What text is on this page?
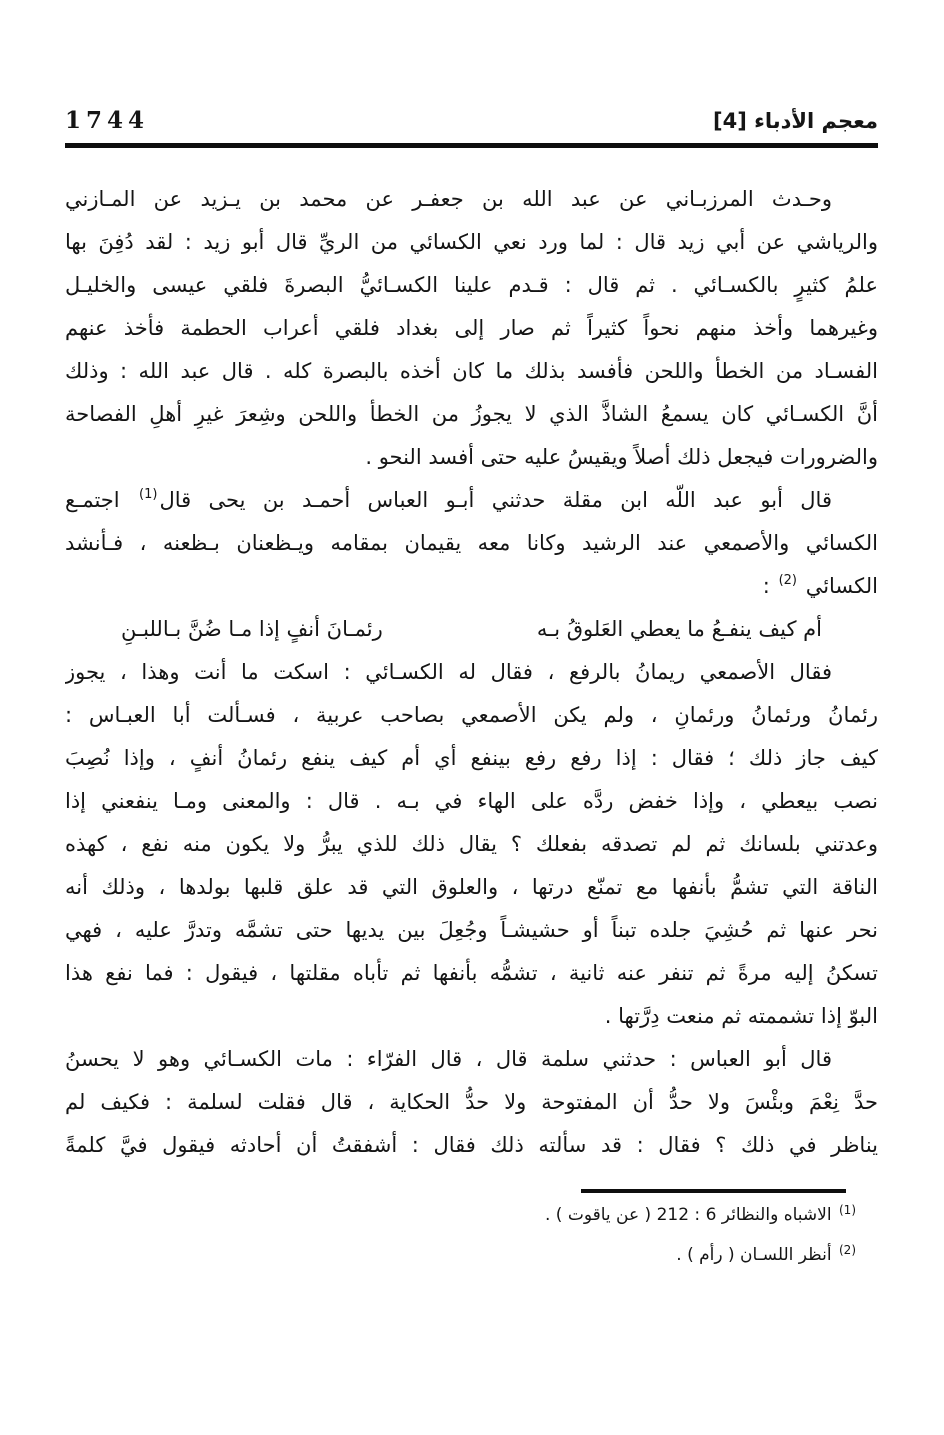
معجم الأدباء [4]
1744
وحـدث المرزبـاني عن عبد الله بن جعفـر عن محمد بن يـزيد عن المـازني
والرياشي عن أبي زيد قال : لما ورد نعي الكسائي من الريِّ قال أبو زيد : لقد دُفِنَ بها
علمُ كثيرٍ بالكسـائي . ثم قال : قـدم علينا الكسـائيُّ البصرةَ فلقي عيسى والخليـل
وغيرهما وأخذ منهم نحواً كثيراً ثم صار إلى بغداد فلقي أعراب الحطمة فأخذ عنهم
الفسـاد من الخطأ واللحن فأفسد بذلك ما كان أخذه بالبصرة كله . قال عبد الله : وذلك
أنَّ الكسـائي كان يسمعُ الشاذَّ الذي لا يجوزُ من الخطأ واللحن وشِعرَ غيرِ أهلِ الفصاحة
والضرورات فيجعل ذلك أصلاً ويقيسُ عليه حتى أفسد النحو .
قال أبو عبد اللّه ابن مقلة حدثني أبـو العباس أحمـد بن يحى قال$^{(1)}$ اجتمـع
الكسائي والأصمعي عند الرشيد وكانا معه يقيمان بمقامه ويـظعنان بـظعنه ، فـأنشد
الكسائي $^{(2)}$ :
أم كيف ينفـعُ ما يعطي العَلوقُ بـه
رئمـانَ أنفٍ إذا مـا ضُنَّ بـاللبـنِ
فقال الأصمعي ريمانُ بالرفع ، فقال له الكسـائي : اسكت ما أنت وهذا ، يجوز
رئمانُ ورئمانُ ورئمانِ ، ولم يكن الأصمعي بصاحب عربية ، فسـألت أبا العبـاس :
كيف جاز ذلك ؛ فقال : إذا رفع رفع بينفع أي أم كيف ينفع رئمانُ أنفٍ ، وإذا نُصِبَ
نصب بيعطي ، وإذا خفض ردَّه على الهاء في بـه . قال : والمعنى ومـا ينفعني إذا
وعدتني بلسانك ثم لم تصدقه بفعلك ؟ يقال ذلك للذي يبرُّ ولا يكون منه نفع ، كهذه
الناقة التي تشمُّ بأنفها مع تمنّع درتها ، والعلوق التي قد علق قلبها بولدها ، وذلك أنه
نحر عنها ثم حُشِيَ جلده تبناً أو حشيشـاً وجُعِلَ بين يديها حتى تشمَّه وتدرَّ عليه ، فهي
تسكنُ إليه مرةً ثم تنفر عنه ثانية ، تشمُّه بأنفها ثم تأباه مقلتها ، فيقول : فما نفع هذا
البوّ إذا تشممته ثم منعت دِرَّتها .
قال أبو العباس : حدثني سلمة قال ، قال الفرّاء : مات الكسـائي وهو لا يحسنُ
حدَّ نِعْمَ وبئْسَ ولا حدُّ أن المفتوحة ولا حدُّ الحكاية ، قال فقلت لسلمة : فكيف لم
يناظر في ذلك ؟ فقال : قد سألته ذلك فقال : أشفقتُ أن أحادثه فيقول فيَّ كلمةً
$^{(1)}$ الاشباه والنظائر 6 : 212 ( عن ياقوت ) .
$^{(2)}$ أنظر اللسـان ( رأم ) .
